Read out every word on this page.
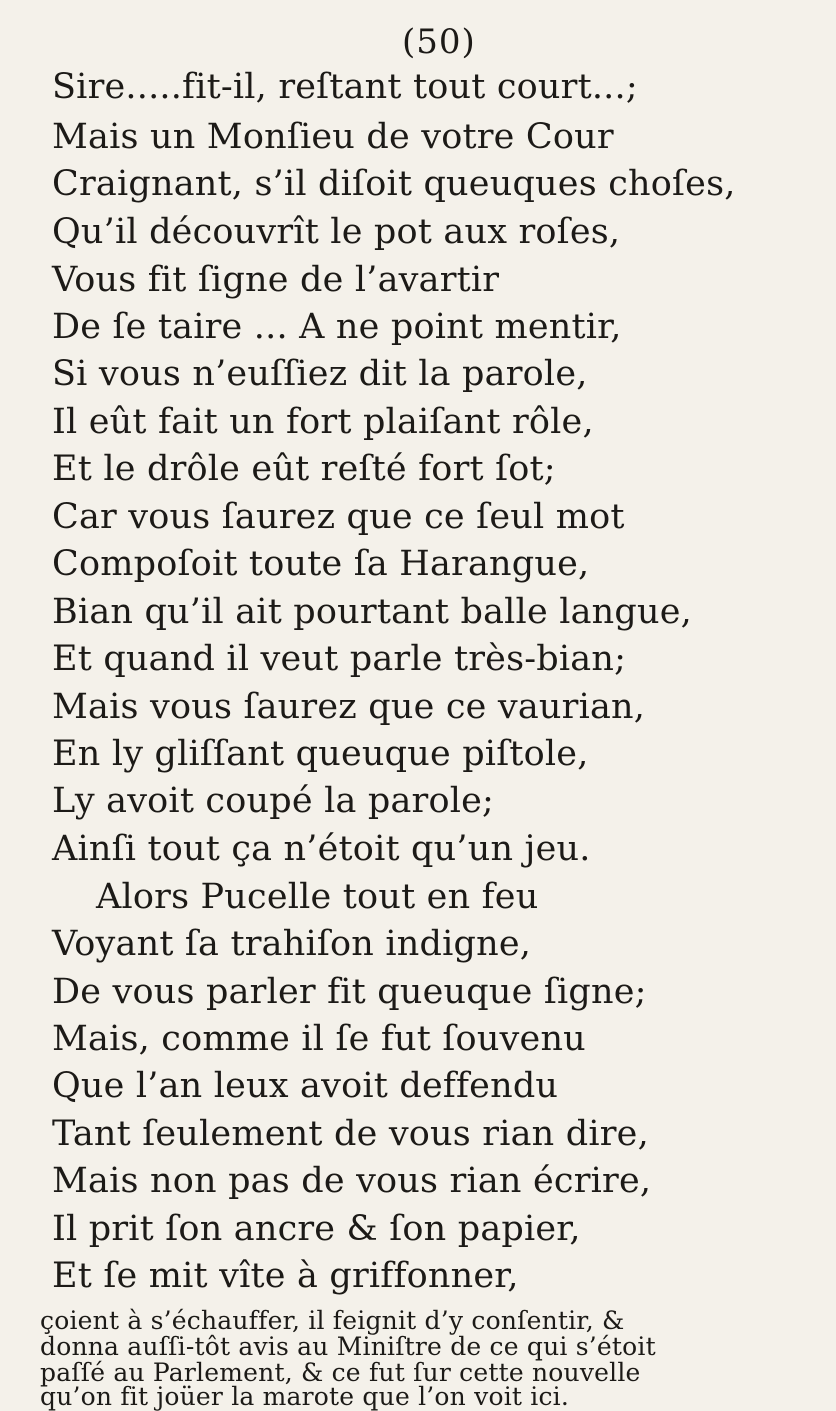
(50)
Sire.....fit-il, reſtant tout court...;
Mais un Monſieu de votre Cour
Craignant, s’il diſoit queuques choſes,
Qu’il découvrît le pot aux roſes,
Vous fit ſigne de l’avartir
De ſe taire ... A ne point mentir,
Si vous n’euſſiez dit la parole,
Il eût fait un fort plaiſant rôle,
Et le drôle eût reſté fort ſot;
Car vous ſaurez que ce ſeul mot
Compoſoit toute ſa Harangue,
Bian qu’il ait pourtant balle langue,
Et quand il veut parle très-bian;
Mais vous ſaurez que ce vaurian,
En ly gliſſant queuque piſtole,
Ly avoit coupé la parole;
Ainſi tout ça n’étoit qu’un jeu.
Alors Pucelle tout en feu
Voyant ſa trahiſon indigne,
De vous parler fit queuque ſigne;
Mais, comme il ſe fut ſouvenu
Que l’an leux avoit deffendu
Tant ſeulement de vous rian dire,
Mais non pas de vous rian écrire,
Il prit ſon ancre & ſon papier,
Et ſe mit vîte à griffonner,
çoient à s’échauffer, il feignit d’y conſentir, &
donna auſſi-tôt avis au Miniſtre de ce qui s’étoit
paſſé au Parlement, & ce fut ſur cette nouvelle
qu’on fit joüer la marote que l’on voit ici.
